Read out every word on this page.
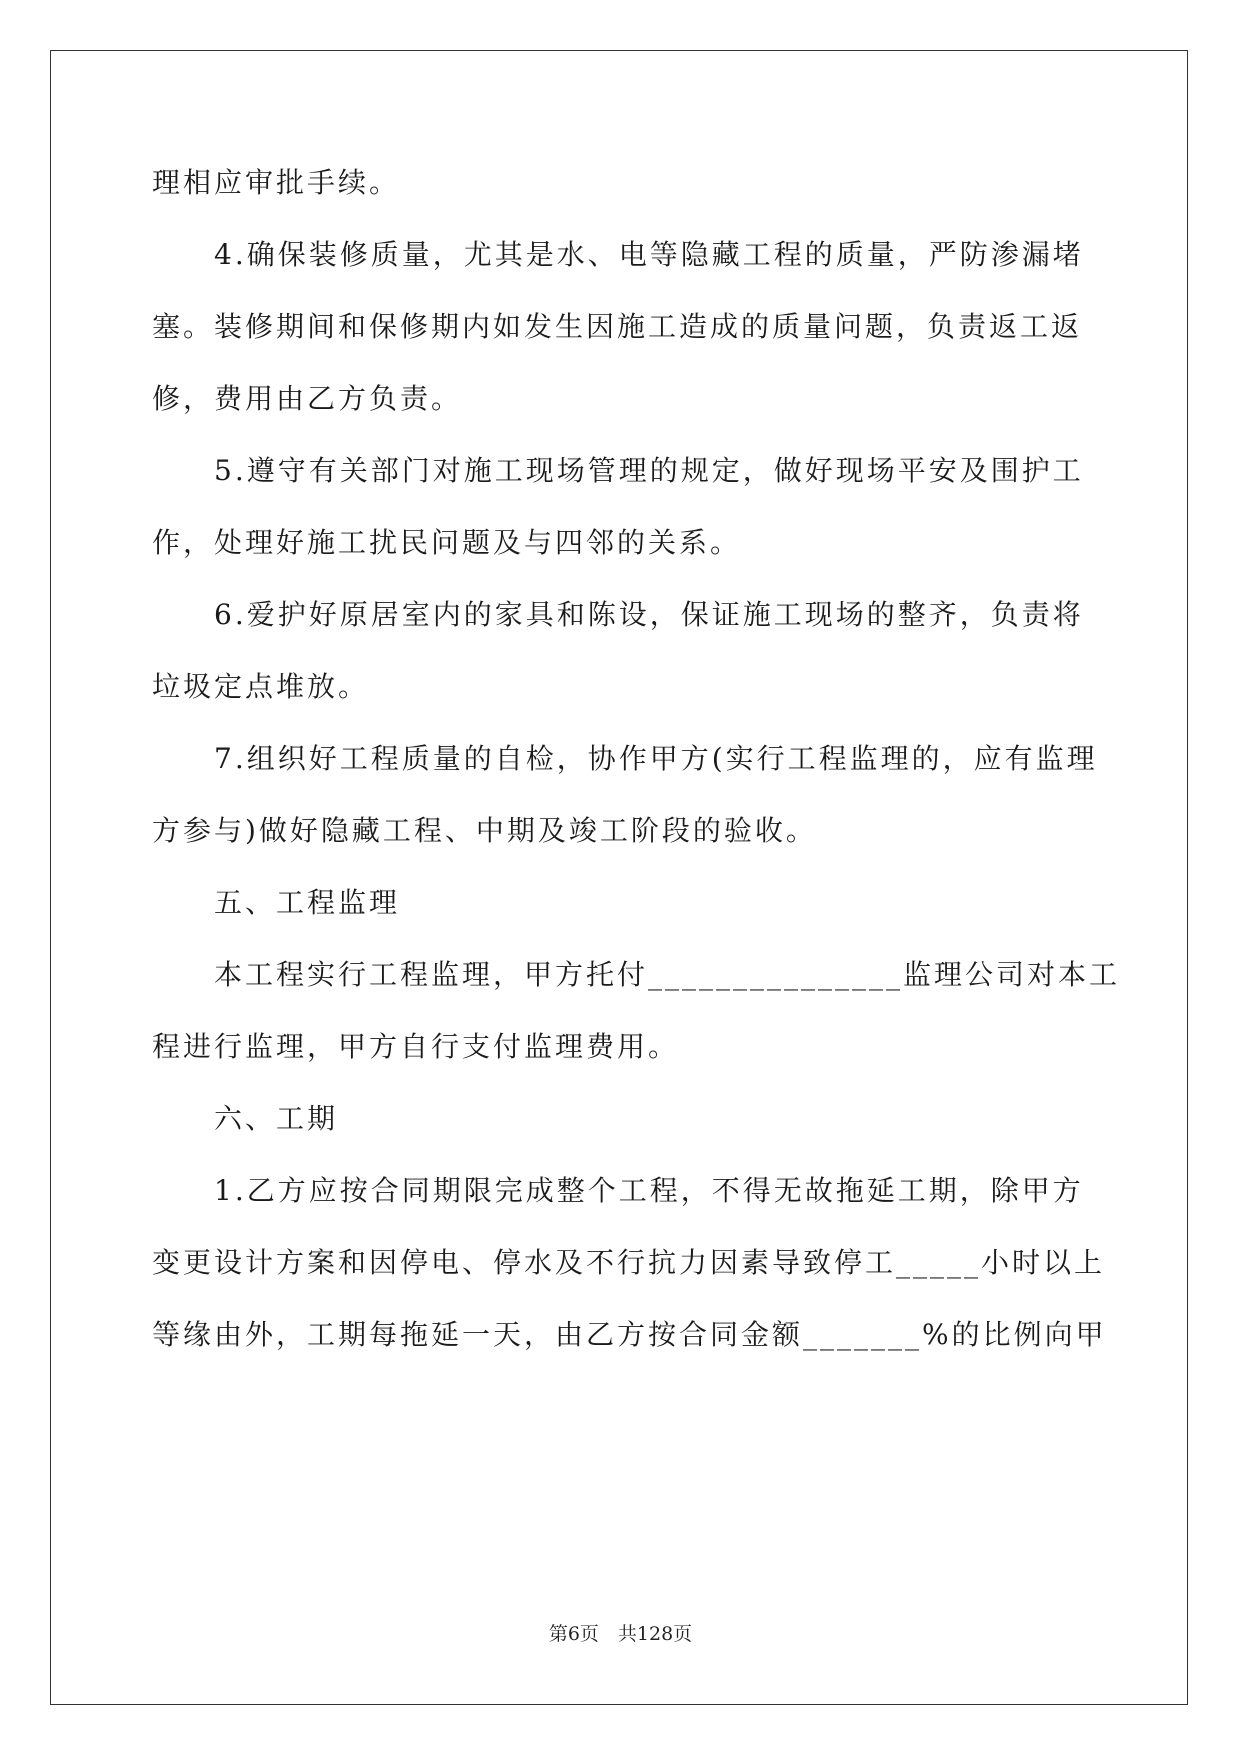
理相应审批手续。
4.确保装修质量，尤其是水、电等隐藏工程的质量，严防渗漏堵
塞。装修期间和保修期内如发生因施工造成的质量问题，负责返工返
修，费用由乙方负责。
5.遵守有关部门对施工现场管理的规定，做好现场平安及围护工
作，处理好施工扰民问题及与四邻的关系。
6.爱护好原居室内的家具和陈设，保证施工现场的整齐，负责将
垃圾定点堆放。
7.组织好工程质量的自检，协作甲方(实行工程监理的，应有监理
方参与)做好隐藏工程、中期及竣工阶段的验收。
五、工程监理
本工程实行工程监理，甲方托付_______________监理公司对本工
程进行监理，甲方自行支付监理费用。
六、工期
1.乙方应按合同期限完成整个工程，不得无故拖延工期，除甲方
变更设计方案和因停电、停水及不行抗力因素导致停工_____小时以上
等缘由外，工期每拖延一天，由乙方按合同金额_______%的比例向甲
第6页　共128页
